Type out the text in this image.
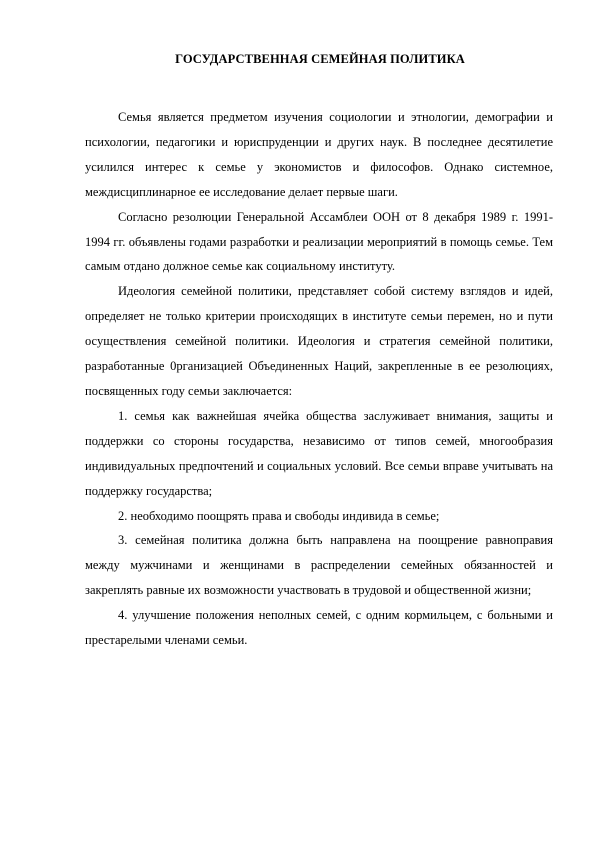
ГОСУДАРСТВЕННАЯ СЕМЕЙНАЯ ПОЛИТИКА

Семья является предметом изучения социологии и этнологии, демографии и психологии, педагогики и юриспруденции и других наук. В последнее десятилетие усилился интерес к семье у экономистов и философов. Однако системное, междисциплинарное ее исследование делает первые шаги.

Согласно резолюции Генеральной Ассамблеи ООН от 8 декабря 1989 г. 1991-1994 гг. объявлены годами разработки и реализации мероприятий в помощь семье. Тем самым отдано должное семье как социальному институту.

Идеология семейной политики, представляет собой систему взглядов и идей, определяет не только критерии происходящих в институте семьи перемен, но и пути осуществления семейной политики. Идеология и стратегия семейной политики, разработанные 0рганизацией Объединенных Наций, закрепленные в ее резолюциях, посвященных году семьи заключается:

1. семья как важнейшая ячейка общества заслуживает внимания, защиты и поддержки со стороны государства, независимо от типов семей, многообразия индивидуальных предпочтений и социальных условий. Все семьи вправе учитывать на поддержку государства;

2. необходимо поощрять права и свободы индивида в семье;

3. семейная политика должна быть направлена на поощрение равноправия между мужчинами и женщинами в распределении семейных обязанностей и закреплять равные их возможности участвовать в трудовой и общественной жизни;

4. улучшение положения неполных семей, с одним кормильцем, с больными и престарелыми членами семьи.
